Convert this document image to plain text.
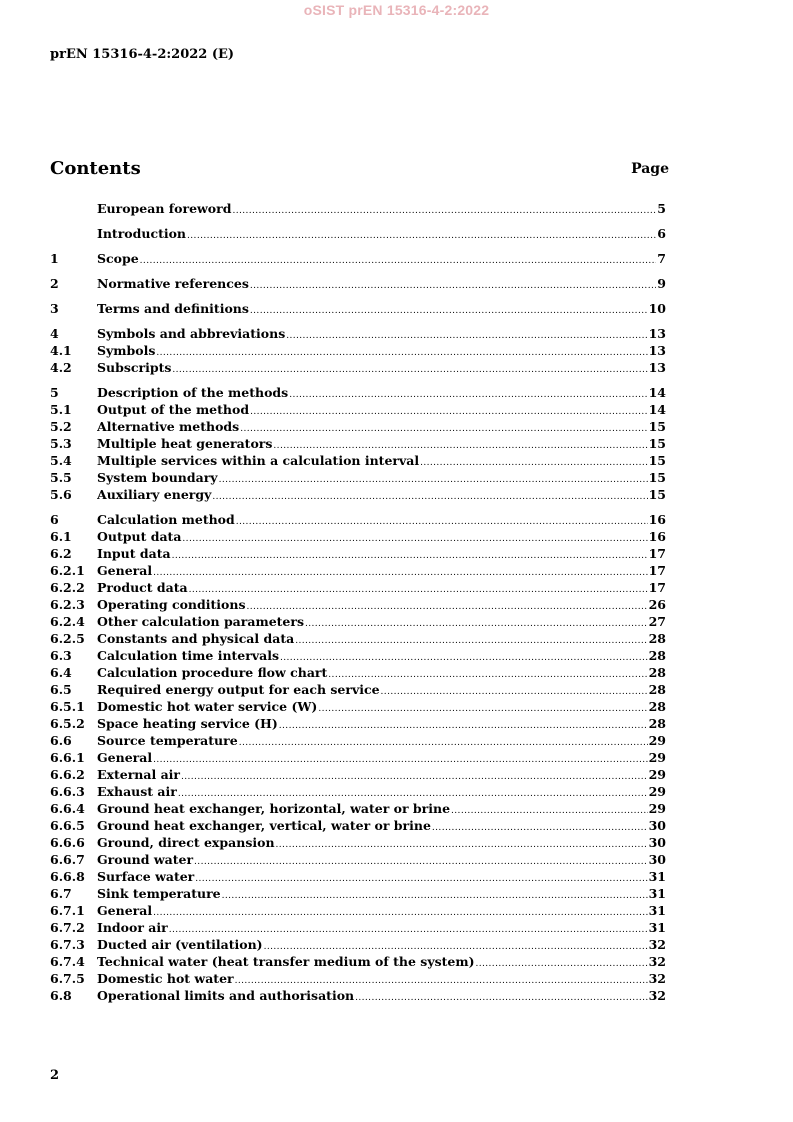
oSIST prEN 15316-4-2:2022
prEN 15316-4-2:2022 (E)
Contents	Page
European foreword .....	5
Introduction .....	6
1	Scope .....	7
2	Normative references .....	9
3	Terms and definitions .....	10
4	Symbols and abbreviations .....	13
4.1	Symbols .....	13
4.2	Subscripts .....	13
5	Description of the methods .....	14
5.1	Output of the method .....	14
5.2	Alternative methods .....	15
5.3	Multiple heat generators .....	15
5.4	Multiple services within a calculation interval .....	15
5.5	System boundary .....	15
5.6	Auxiliary energy .....	15
6	Calculation method .....	16
6.1	Output data .....	16
6.2	Input data .....	17
6.2.1 General .....	17
6.2.2 Product data .....	17
6.2.3 Operating conditions .....	26
6.2.4 Other calculation parameters .....	27
6.2.5 Constants and physical data .....	28
6.3	Calculation time intervals .....	28
6.4	Calculation procedure flow chart .....	28
6.5	Required energy output for each service .....	28
6.5.1 Domestic hot water service (W) .....	28
6.5.2 Space heating service (H) .....	28
6.6	Source temperature .....	29
6.6.1 General .....	29
6.6.2 External air .....	29
6.6.3 Exhaust air .....	29
6.6.4 Ground heat exchanger, horizontal, water or brine .....	29
6.6.5 Ground heat exchanger, vertical, water or brine .....	30
6.6.6 Ground, direct expansion .....	30
6.6.7 Ground water .....	30
6.6.8 Surface water .....	31
6.7	Sink temperature .....	31
6.7.1 General .....	31
6.7.2 Indoor air .....	31
6.7.3 Ducted air (ventilation) .....	32
6.7.4 Technical water (heat transfer medium of the system) .....	32
6.7.5 Domestic hot water .....	32
6.8	Operational limits and authorisation .....	32
2
